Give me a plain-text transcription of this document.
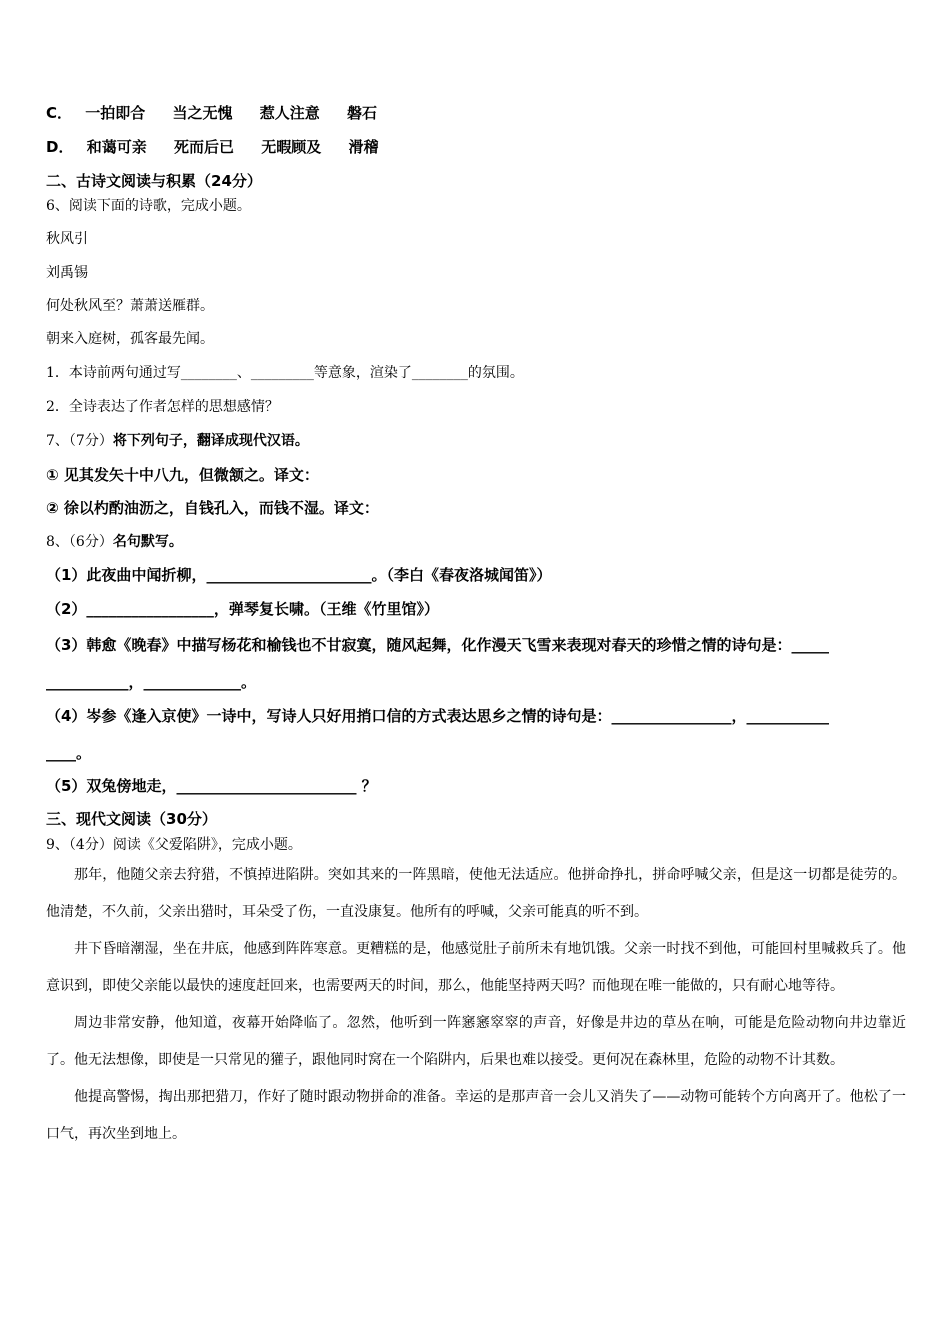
C． 一拍即合 当之无愧 惹人注意 磐石
D． 和蔼可亲 死而后已 无暇顾及 滑稽
二、古诗文阅读与积累（24分）
6、阅读下面的诗歌，完成小题。
秋风引
刘禹锡
何处秋风至？萧萧送雁群。
朝来入庭树，孤客最先闻。
1．本诗前两句通过写________、_________等意象，渲染了________的氛围。
2．全诗表达了作者怎样的思想感情？
7、（7分）将下列句子，翻译成现代汉语。
① 见其发矢十中八九，但微颔之。译文：
② 徐以杓酌油沥之，自钱孔入，而钱不湿。译文：
8、（6分）名句默写。
（1）此夜曲中闻折柳，______________________。（李白《春夜洛城闻笛》）
（2）_________________，弹琴复长啸。（王维《竹里馆》）
（3）韩愈《晚春》中描写杨花和榆钱也不甘寂寞，随风起舞，化作漫天飞雪来表现对春天的珍惜之情的诗句是：_____
___________，_____________。
（4）岑参《逢入京使》一诗中，写诗人只好用捎口信的方式表达思乡之情的诗句是：________________，___________
____。
（5）双兔傍地走，________________________ ？
三、现代文阅读（30分）
9、（4分）阅读《父爱陷阱》，完成小题。

那年，他随父亲去狩猎，不慎掉进陷阱。突如其来的一阵黑暗，使他无法适应。他拼命挣扎，拼命呼喊父亲，但是这一切都是徒劳的。他清楚，不久前，父亲出猎时，耳朵受了伤，一直没康复。他所有的呼喊，父亲可能真的听不到。

井下昏暗潮湿，坐在井底，他感到阵阵寒意。更糟糕的是，他感觉肚子前所未有地饥饿。父亲一时找不到他，可能回村里喊救兵了。他意识到，即使父亲能以最快的速度赶回来，也需要两天的时间，那么，他能坚持两天吗？而他现在唯一能做的，只有耐心地等待。

周边非常安静，他知道，夜幕开始降临了。忽然，他听到一阵窸窸窣窣的声音，好像是井边的草丛在响，可能是危险动物向井边靠近了。他无法想像，即使是一只常见的獾子，跟他同时窝在一个陷阱内，后果也难以接受。更何况在森林里，危险的动物不计其数。

他提高警惕，掏出那把猎刀，作好了随时跟动物拼命的准备。幸运的是那声音一会儿又消失了——动物可能转个方向离开了。他松了一口气，再次坐到地上。
